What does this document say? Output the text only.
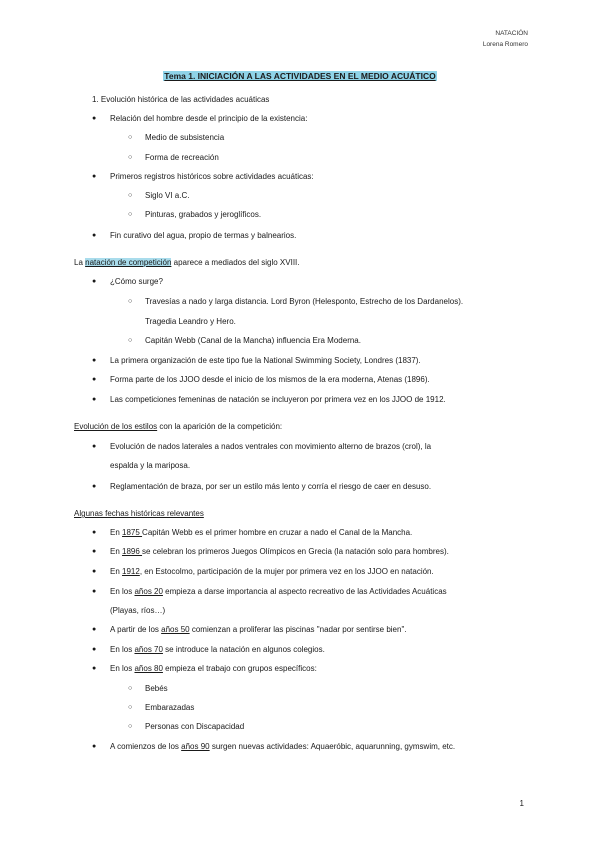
NATACIÓN
Lorena Romero
Tema 1. INICIACIÓN A LAS ACTIVIDADES EN EL MEDIO ACUÁTICO
1. Evolución histórica de las actividades acuáticas
● Relación del hombre desde el principio de la existencia:
○ Medio de subsistencia
○ Forma de recreación
● Primeros registros históricos sobre actividades acuáticas:
○ Siglo VI a.C.
○ Pinturas, grabados y jeroglíficos.
● Fin curativo del agua, propio de termas y balnearios.
La natación de competición aparece a mediados del siglo XVIII.
● ¿Cómo surge?
○ Travesías a nado y larga distancia. Lord Byron (Helesponto, Estrecho de los Dardanelos).
Tragedia Leandro y Hero.
○ Capitán Webb (Canal de la Mancha) influencia Era Moderna.
● La primera organización de este tipo fue la National Swimming Society, Londres (1837).
● Forma parte de los JJOO desde el inicio de los mismos de la era moderna, Atenas (1896).
● Las competiciones femeninas de natación se incluyeron por primera vez en los JJOO de 1912.
Evolución de los estilos con la aparición de la competición:
● Evolución de nados laterales a nados ventrales con movimiento alterno de brazos (crol), la
espalda y la mariposa.
● Reglamentación de braza, por ser un estilo más lento y corría el riesgo de caer en desuso.
Algunas fechas históricas relevantes
● En 1875 Capitán Webb es el primer hombre en cruzar a nado el Canal de la Mancha.
● En 1896 se celebran los primeros Juegos Olímpicos en Grecia (la natación solo para hombres).
● En 1912, en Estocolmo, participación de la mujer por primera vez en los JJOO en natación.
● En los años 20 empieza a darse importancia al aspecto recreativo de las Actividades Acuáticas
(Playas, ríos…)
● A partir de los años 50 comienzan a proliferar las piscinas "nadar por sentirse bien".
● En los años 70 se introduce la natación en algunos colegios.
● En los años 80 empieza el trabajo con grupos específicos:
○ Bebés
○ Embarazadas
○ Personas con Discapacidad
● A comienzos de los años 90 surgen nuevas actividades: Aquaeróbic, aquarunning, gymswim, etc.
1
